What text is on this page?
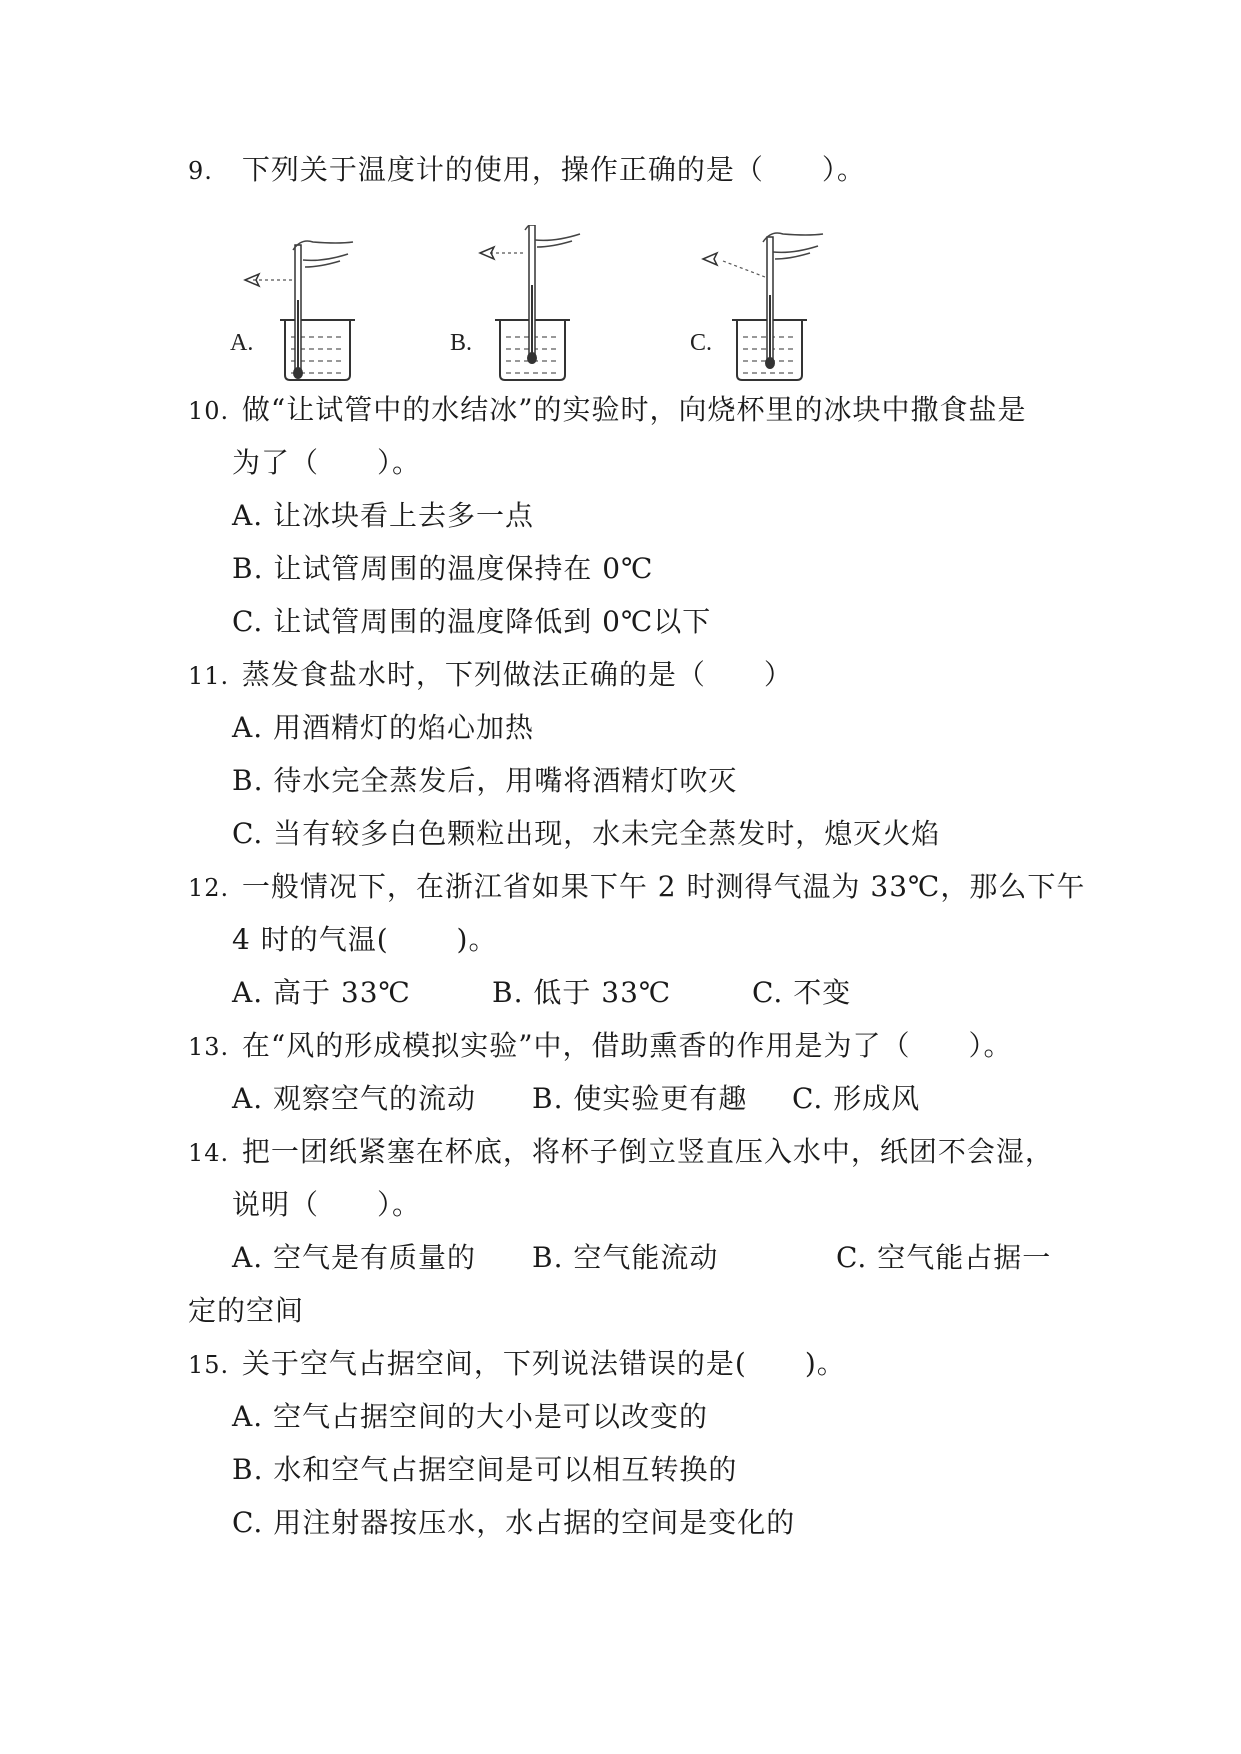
9. 下列关于温度计的使用，操作正确的是（　　）。
A.	B.	C.
10. 做“让试管中的水结冰”的实验时，向烧杯里的冰块中撒食盐是
为了（　　）。
A. 让冰块看上去多一点
B. 让试管周围的温度保持在 0℃
C. 让试管周围的温度降低到 0℃以下
11. 蒸发食盐水时，下列做法正确的是（　　）
A. 用酒精灯的焰心加热
B. 待水完全蒸发后，用嘴将酒精灯吹灭
C. 当有较多白色颗粒出现，水未完全蒸发时，熄灭火焰
12. 一般情况下，在浙江省如果下午 2 时测得气温为 33℃，那么下午
4 时的气温(　　 )。
A. 高于 33℃	B. 低于 33℃	C. 不变
13. 在“风的形成模拟实验”中，借助熏香的作用是为了（　　）。
A. 观察空气的流动 B. 使实验更有趣 C. 形成风
14. 把一团纸紧塞在杯底，将杯子倒立竖直压入水中，纸团不会湿，
说明（　　）。
A. 空气是有质量的 B. 空气能流动	C. 空气能占据一
定的空间
15. 关于空气占据空间，下列说法错误的是(　　)。
A. 空气占据空间的大小是可以改变的
B. 水和空气占据空间是可以相互转换的
C. 用注射器按压水，水占据的空间是变化的
